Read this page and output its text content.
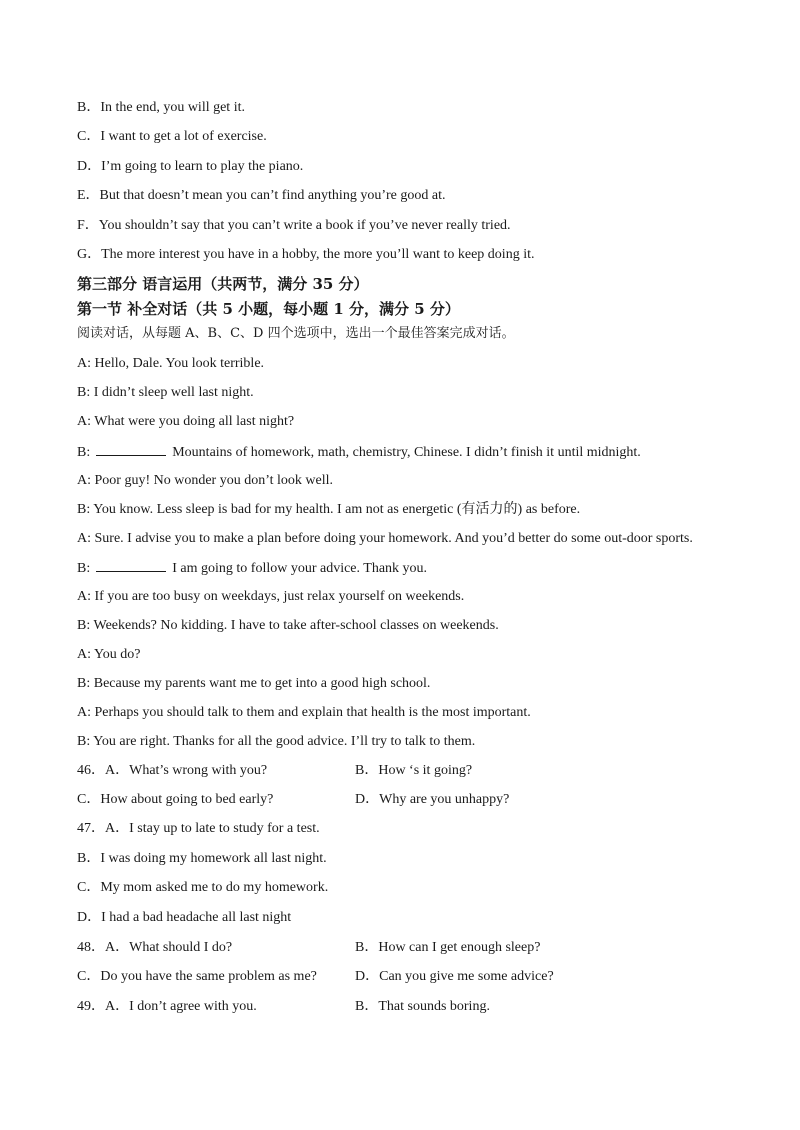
B．In the end, you will get it.
C．I want to get a lot of exercise.
D．I’m going to learn to play the piano.
E．But that doesn’t mean you can’t find anything you’re good at.
F．You shouldn’t say that you can’t write a book if you’ve never really tried.
G．The more interest you have in a hobby, the more you’ll want to keep doing it.
第三部分 语言运用（共两节，满分 35 分）
第一节 补全对话（共 5 小题，每小题 1 分，满分 5 分）
阅读对话，从每题 A、B、C、D 四个选项中，选出一个最佳答案完成对话。
A: Hello, Dale. You look terrible.
B: I didn’t sleep well last night.
A: What were you doing all last night?
B:	Mountains of homework, math, chemistry, Chinese. I didn’t finish it until midnight.
A: Poor guy! No wonder you don’t look well.
B: You know. Less sleep is bad for my health. I am not as energetic (有活力的) as before.
A: Sure. I advise you to make a plan before doing your homework. And you’d better do some out-door sports.
B:	I am going to follow your advice. Thank you.
A: If you are too busy on weekdays, just relax yourself on weekends.
B: Weekends? No kidding. I have to take after-school classes on weekends.
A: You do?
B: Because my parents want me to get into a good high school.
A: Perhaps you should talk to them and explain that health is the most important.
B: You are right. Thanks for all the good advice. I’ll try to talk to them.
46．A．What’s wrong with you?	B．How ‘s it going?
C．How about going to bed early?	D．Why are you unhappy?
47．A．I stay up to late to study for a test.
B．I was doing my homework all last night.
C．My mom asked me to do my homework.
D．I had a bad headache all last night
48．A．What should I do?	B．How can I get enough sleep?
C．Do you have the same problem as me?	D．Can you give me some advice?
49．A．I don’t agree with you.	B．That sounds boring.
